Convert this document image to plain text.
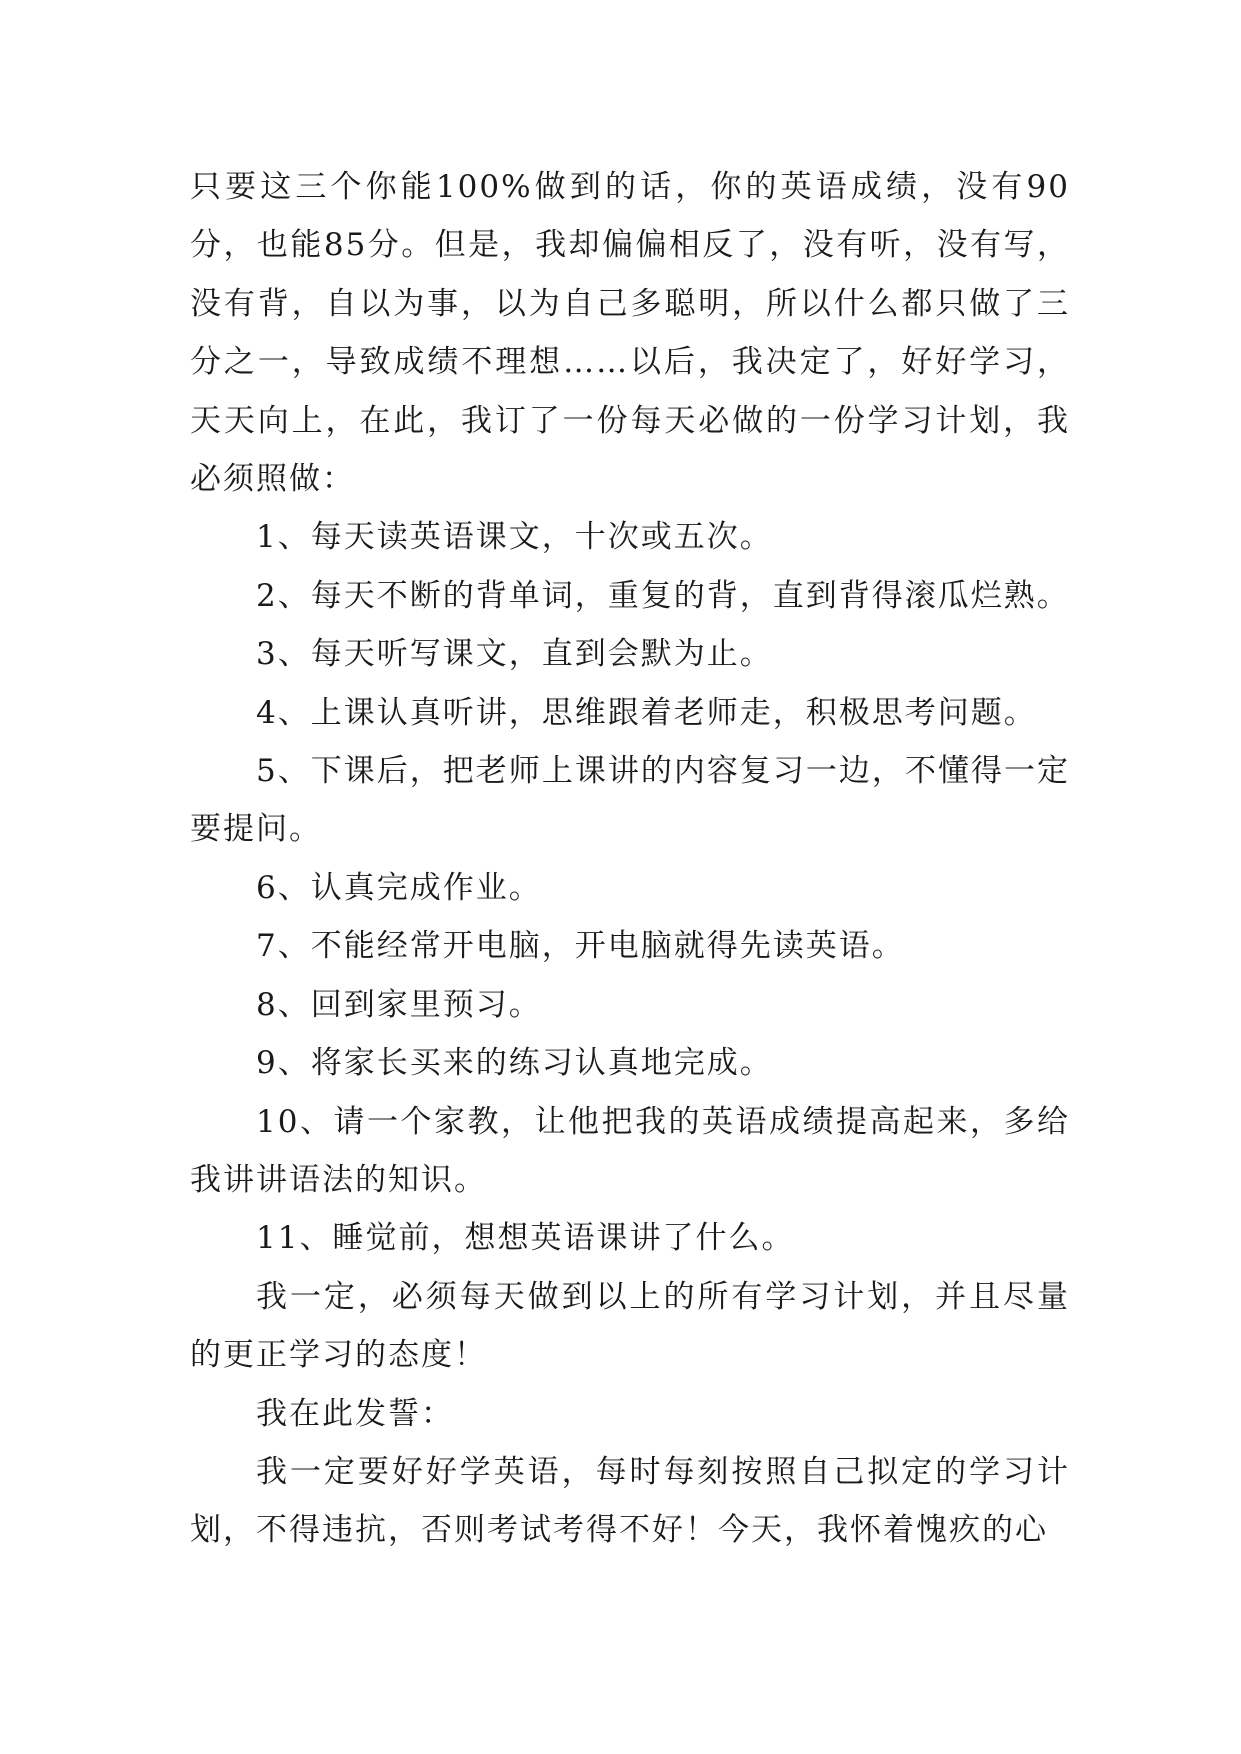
只要这三个你能100%做到的话，你的英语成绩，没有90分，也能85分。但是，我却偏偏相反了，没有听，没有写，没有背，自以为事，以为自己多聪明，所以什么都只做了三分之一，导致成绩不理想……以后，我决定了，好好学习，天天向上，在此，我订了一份每天必做的一份学习计划，我必须照做：

1、每天读英语课文，十次或五次。

2、每天不断的背单词，重复的背，直到背得滚瓜烂熟。

3、每天听写课文，直到会默为止。

4、上课认真听讲，思维跟着老师走，积极思考问题。

5、下课后，把老师上课讲的内容复习一边，不懂得一定要提问。

6、认真完成作业。

7、不能经常开电脑，开电脑就得先读英语。

8、回到家里预习。

9、将家长买来的练习认真地完成。

10、请一个家教，让他把我的英语成绩提高起来，多给我讲讲语法的知识。

11、睡觉前，想想英语课讲了什么。

我一定，必须每天做到以上的所有学习计划，并且尽量的更正学习的态度！

我在此发誓：

我一定要好好学英语，每时每刻按照自己拟定的学习计划，不得违抗，否则考试考得不好！今天，我怀着愧疚的心
